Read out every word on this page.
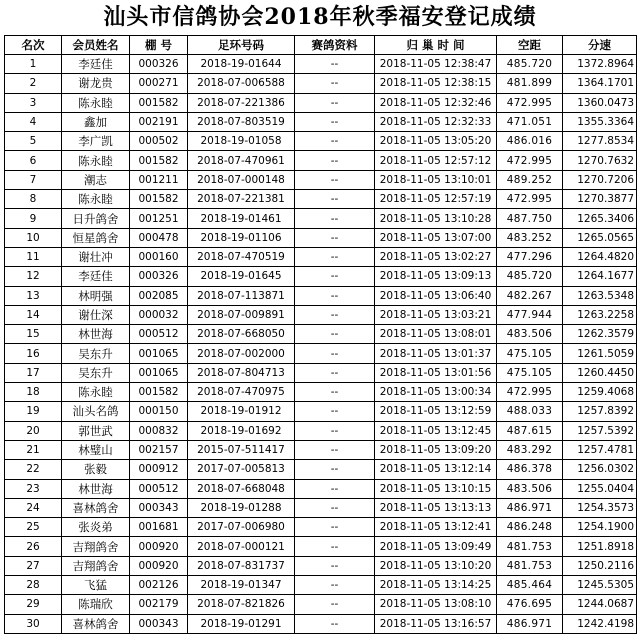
汕头市信鸽协会2018年秋季福安登记成绩
名次	会员姓名	棚 号	足环号码	赛鸽资料	归 巢 时 间	空距	分速
1	李廷佳	000326	2018-19-01644	--	2018-11-05 12:38:47	485.720	1372.8964
2	谢龙贵	000271	2018-07-006588	--	2018-11-05 12:38:15	481.899	1364.1701
3	陈永睦	001582	2018-07-221386	--	2018-11-05 12:32:46	472.995	1360.0473
4	鑫加	002191	2018-07-803519	--	2018-11-05 12:32:33	471.051	1355.3364
5	李广凯	000502	2018-19-01058	--	2018-11-05 13:05:20	486.016	1277.8534
6	陈永睦	001582	2018-07-470961	--	2018-11-05 12:57:12	472.995	1270.7632
7	潮志	001211	2018-07-000148	--	2018-11-05 13:10:01	489.252	1270.7206
8	陈永睦	001582	2018-07-221381	--	2018-11-05 12:57:19	472.995	1270.3877
9	日升鸽舍	001251	2018-19-01461	--	2018-11-05 13:10:28	487.750	1265.3406
10	恒星鸽舍	000478	2018-19-01106	--	2018-11-05 13:07:00	483.252	1265.0565
11	谢壮冲	000160	2018-07-470519	--	2018-11-05 13:02:27	477.296	1264.4820
12	李廷佳	000326	2018-19-01645	--	2018-11-05 13:09:13	485.720	1264.1677
13	林明强	002085	2018-07-113871	--	2018-11-05 13:06:40	482.267	1263.5348
14	谢仕深	000032	2018-07-009891	--	2018-11-05 13:03:21	477.944	1263.2258
15	林世海	000512	2018-07-668050	--	2018-11-05 13:08:01	483.506	1262.3579
16	吴东升	001065	2018-07-002000	--	2018-11-05 13:01:37	475.105	1261.5059
17	吴东升	001065	2018-07-804713	--	2018-11-05 13:01:56	475.105	1260.4450
18	陈永睦	001582	2018-07-470975	--	2018-11-05 13:00:34	472.995	1259.4068
19	汕头名鸽	000150	2018-19-01912	--	2018-11-05 13:12:59	488.033	1257.8392
20	郭世武	000832	2018-19-01692	--	2018-11-05 13:12:45	487.615	1257.5392
21	林璧山	002157	2015-07-511417	--	2018-11-05 13:09:20	483.292	1257.4781
22	张毅	000912	2017-07-005813	--	2018-11-05 13:12:14	486.378	1256.0302
23	林世海	000512	2018-07-668048	--	2018-11-05 13:10:15	483.506	1255.0404
24	喜林鸽舍	000343	2018-19-01288	--	2018-11-05 13:13:13	486.971	1254.3573
25	张炎弟	001681	2017-07-006980	--	2018-11-05 13:12:41	486.248	1254.1900
26	吉翔鸽舍	000920	2018-07-000121	--	2018-11-05 13:09:49	481.753	1251.8918
27	吉翔鸽舍	000920	2018-07-831737	--	2018-11-05 13:10:20	481.753	1250.2116
28	飞猛	002126	2018-19-01347	--	2018-11-05 13:14:25	485.464	1245.5305
29	陈瑞欣	002179	2018-07-821826	--	2018-11-05 13:08:10	476.695	1244.0687
30	喜林鸽舍	000343	2018-19-01291	--	2018-11-05 13:16:57	486.971	1242.4198
